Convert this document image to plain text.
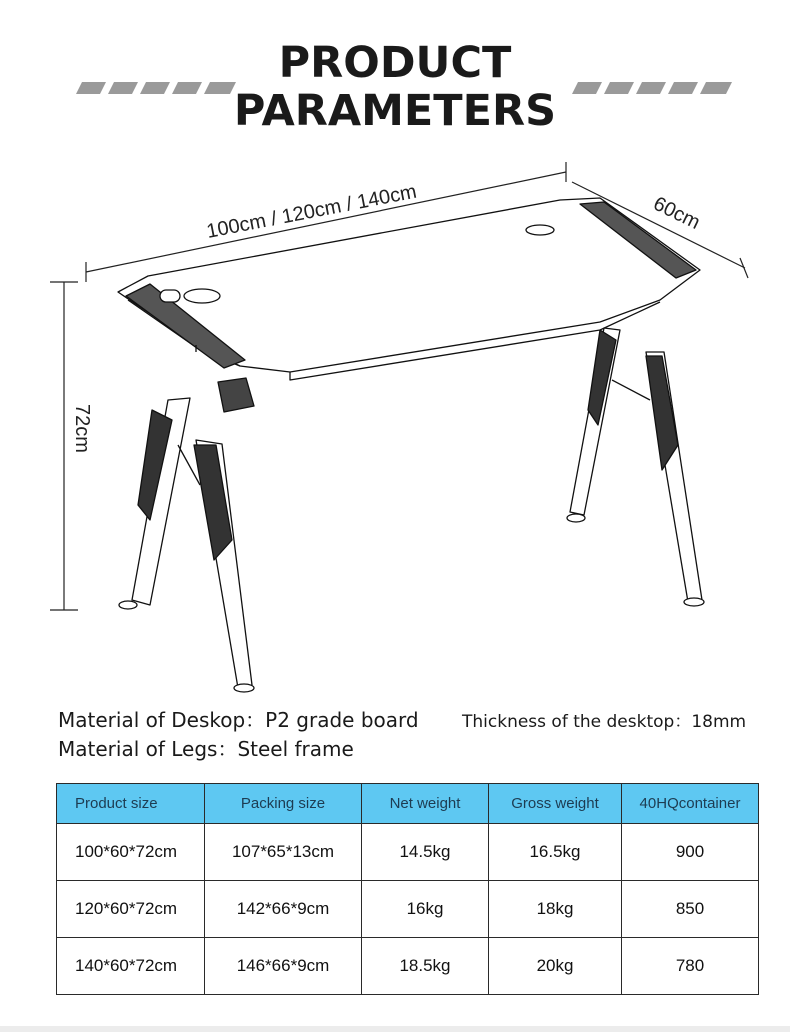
PRODUCT
PARAMETERS
100cm / 120cm / 140cm	60cm
72cm
Material of Deskop：P2 grade board
Material of Legs：Steel frame
Thickness of the desktop：18mm
Product size	Packing size	Net weight	Gross weight	40HQcontainer
100*60*72cm	107*65*13cm	14.5kg	16.5kg	900
120*60*72cm	142*66*9cm	16kg	18kg	850
140*60*72cm	146*66*9cm	18.5kg	20kg	780
